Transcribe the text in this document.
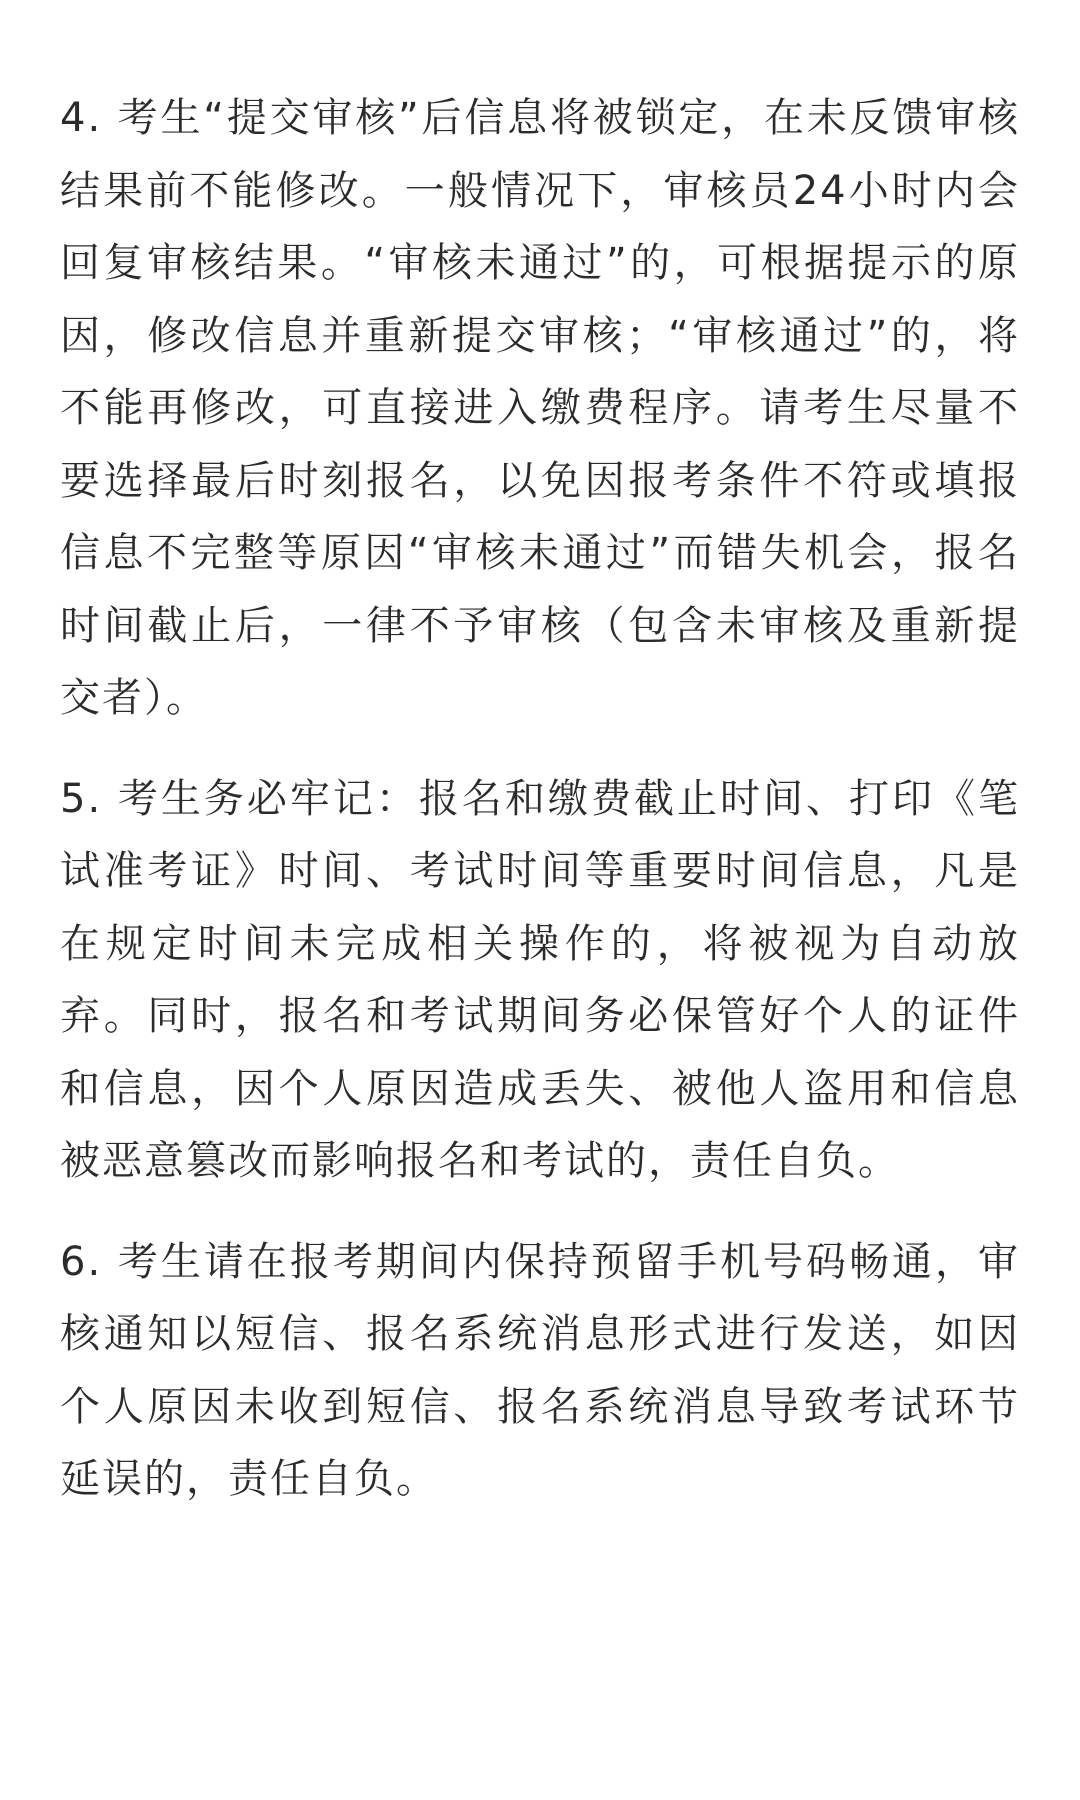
4. 考生“提交审核”后信息将被锁定，在未反馈审核结果前不能修改。一般情况下，审核员24小时内会回复审核结果。“审核未通过”的，可根据提示的原因，修改信息并重新提交审核；“审核通过”的，将不能再修改，可直接进入缴费程序。请考生尽量不要选择最后时刻报名，以免因报考条件不符或填报信息不完整等原因“审核未通过”而错失机会，报名时间截止后，一律不予审核（包含未审核及重新提交者）。

5. 考生务必牢记：报名和缴费截止时间、打印《笔试准考证》时间、考试时间等重要时间信息，凡是在规定时间未完成相关操作的，将被视为自动放弃。同时，报名和考试期间务必保管好个人的证件和信息，因个人原因造成丢失、被他人盗用和信息被恶意篡改而影响报名和考试的，责任自负。

6. 考生请在报考期间内保持预留手机号码畅通，审核通知以短信、报名系统消息形式进行发送，如因个人原因未收到短信、报名系统消息导致考试环节延误的，责任自负。
